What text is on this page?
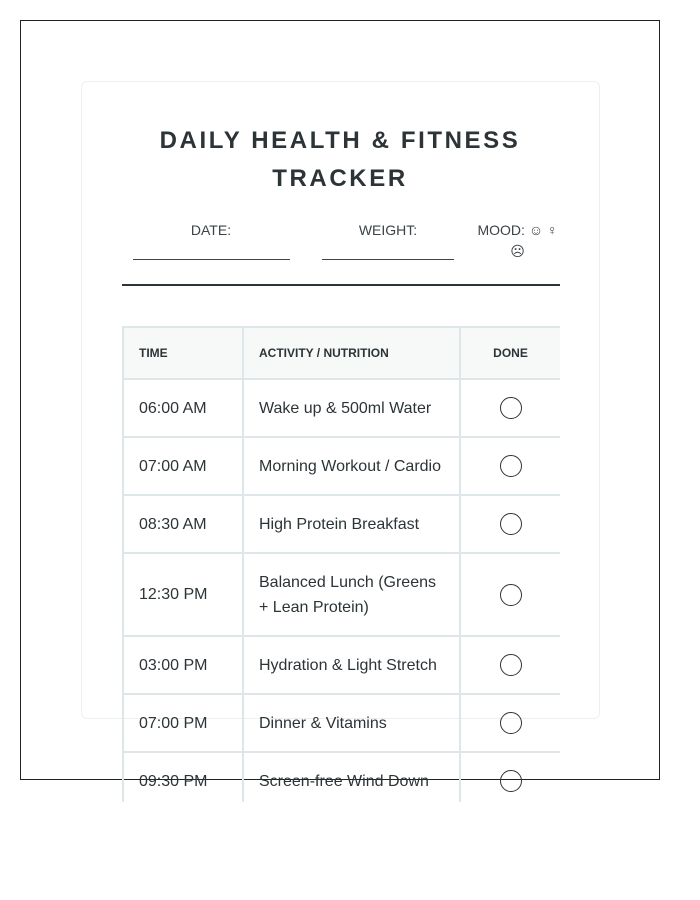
DAILY HEALTH & FITNESS TRACKER
DATE:	WEIGHT:	MOOD: ☺ ♀
☹
TIME	ACTIVITY / NUTRITION	DONE
06:00 AM	Wake up & 500ml Water	
07:00 AM	Morning Workout / Cardio	
08:30 AM	High Protein Breakfast	
12:30 PM	Balanced Lunch (Greens + Lean Protein)	
03:00 PM	Hydration & Light Stretch	
07:00 PM	Dinner & Vitamins	
09:30 PM	Screen-free Wind Down	
